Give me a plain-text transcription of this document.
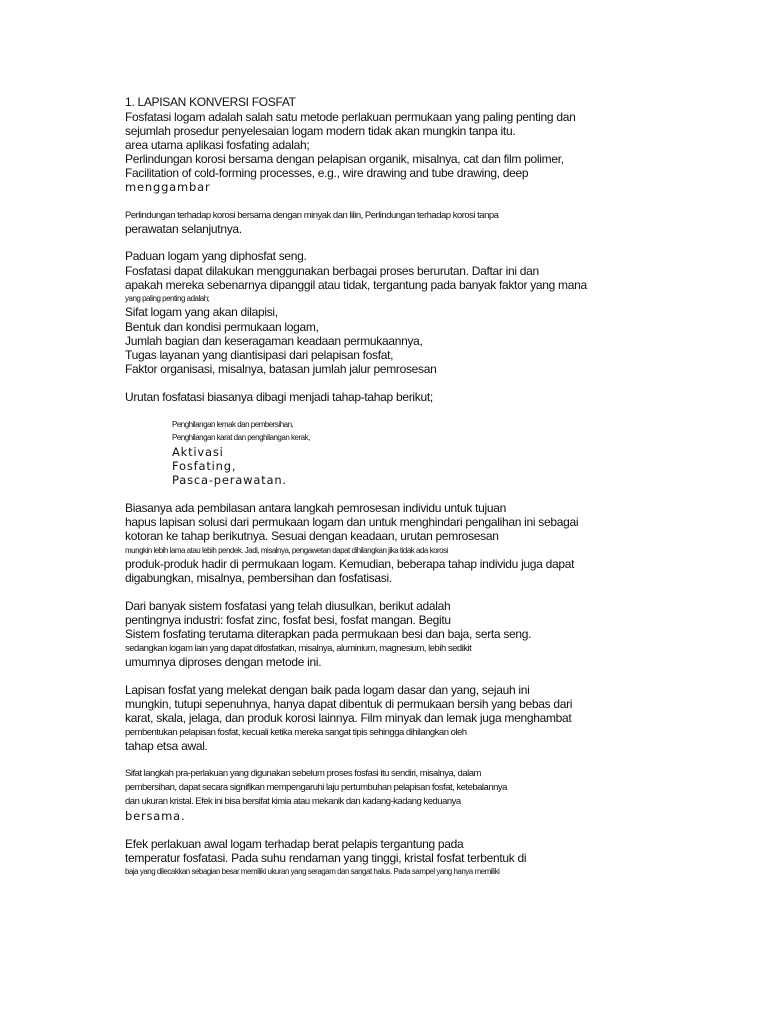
1. LAPISAN KONVERSI FOSFAT
Fosfatasi logam adalah salah satu metode perlakuan permukaan yang paling penting dan
sejumlah prosedur penyelesaian logam modern tidak akan mungkin tanpa itu.
area utama aplikasi fosfating adalah;
Perlindungan korosi bersama dengan pelapisan organik, misalnya, cat dan film polimer,
Facilitation of cold-forming processes, e.g., wire drawing and tube drawing, deep
menggambar
Perlindungan terhadap korosi bersama dengan minyak dan lilin, Perlindungan terhadap korosi tanpa
perawatan selanjutnya.
Paduan logam yang diphosfat seng.
Fosfatasi dapat dilakukan menggunakan berbagai proses berurutan. Daftar ini dan
apakah mereka sebenarnya dipanggil atau tidak, tergantung pada banyak faktor yang mana
yang paling penting adalah;
Sifat logam yang akan dilapisi,
Bentuk dan kondisi permukaan logam,
Jumlah bagian dan keseragaman keadaan permukaannya,
Tugas layanan yang diantisipasi dari pelapisan fosfat,
Faktor organisasi, misalnya, batasan jumlah jalur pemrosesan
Urutan fosfatasi biasanya dibagi menjadi tahap-tahap berikut;
Penghilangan lemak dan pembersihan,
Penghilangan karat dan penghilangan kerak,
Aktivasi
Fosfating,
Pasca-perawatan.
Biasanya ada pembilasan antara langkah pemrosesan individu untuk tujuan
hapus lapisan solusi dari permukaan logam dan untuk menghindari pengalihan ini sebagai
kotoran ke tahap berikutnya. Sesuai dengan keadaan, urutan pemrosesan
mungkin lebih lama atau lebih pendek. Jadi, misalnya, pengawetan dapat dihilangkan jika tidak ada korosi
produk-produk hadir di permukaan logam. Kemudian, beberapa tahap individu juga dapat
digabungkan, misalnya, pembersihan dan fosfatisasi.
Dari banyak sistem fosfatasi yang telah diusulkan, berikut adalah
pentingnya industri: fosfat zinc, fosfat besi, fosfat mangan. Begitu
Sistem fosfating terutama diterapkan pada permukaan besi dan baja, serta seng.
sedangkan logam lain yang dapat difosfatkan, misalnya, aluminium, magnesium, lebih sedikit
umumnya diproses dengan metode ini.
Lapisan fosfat yang melekat dengan baik pada logam dasar dan yang, sejauh ini
mungkin, tutupi sepenuhnya, hanya dapat dibentuk di permukaan bersih yang bebas dari
karat, skala, jelaga, dan produk korosi lainnya. Film minyak dan lemak juga menghambat
pembentukan pelapisan fosfat, kecuali ketika mereka sangat tipis sehingga dihilangkan oleh
tahap etsa awal.
Sifat langkah pra-perlakuan yang digunakan sebelum proses fosfasi itu sendiri, misalnya, dalam
pembersihan, dapat secara signifikan mempengaruhi laju pertumbuhan pelapisan fosfat, ketebalannya
dan ukuran kristal. Efek ini bisa bersifat kimia atau mekanik dan kadang-kadang keduanya
bersama.
Efek perlakuan awal logam terhadap berat pelapis tergantung pada
temperatur fosfatasi. Pada suhu rendaman yang tinggi, kristal fosfat terbentuk di
baja yang dilecakkan sebagian besar memiliki ukuran yang seragam dan sangat halus. Pada sampel yang hanya memiliki
